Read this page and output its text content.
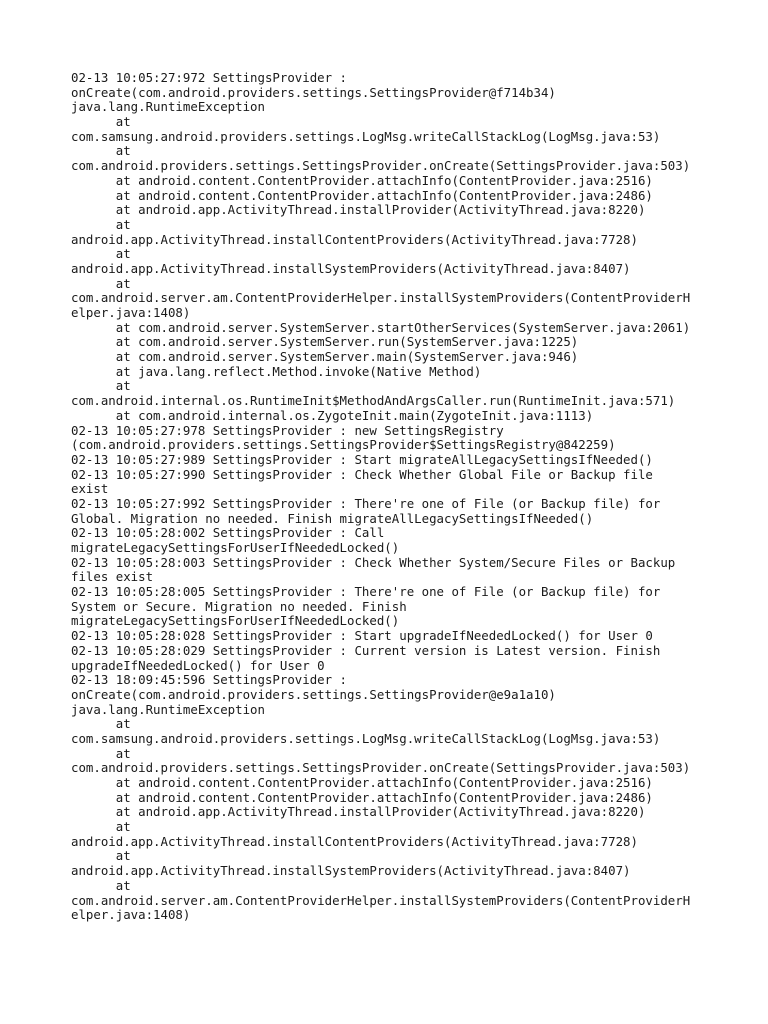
02-13 10:05:27:972 SettingsProvider :
onCreate(com.android.providers.settings.SettingsProvider@f714b34)
java.lang.RuntimeException
at
com.samsung.android.providers.settings.LogMsg.writeCallStackLog(LogMsg.java:53)
at
com.android.providers.settings.SettingsProvider.onCreate(SettingsProvider.java:503)
at android.content.ContentProvider.attachInfo(ContentProvider.java:2516)
at android.content.ContentProvider.attachInfo(ContentProvider.java:2486)
at android.app.ActivityThread.installProvider(ActivityThread.java:8220)
at
android.app.ActivityThread.installContentProviders(ActivityThread.java:7728)
at
android.app.ActivityThread.installSystemProviders(ActivityThread.java:8407)
at
com.android.server.am.ContentProviderHelper.installSystemProviders(ContentProviderH
elper.java:1408)
at com.android.server.SystemServer.startOtherServices(SystemServer.java:2061)
at com.android.server.SystemServer.run(SystemServer.java:1225)
at com.android.server.SystemServer.main(SystemServer.java:946)
at java.lang.reflect.Method.invoke(Native Method)
at
com.android.internal.os.RuntimeInit$MethodAndArgsCaller.run(RuntimeInit.java:571)
at com.android.internal.os.ZygoteInit.main(ZygoteInit.java:1113)
02-13 10:05:27:978 SettingsProvider : new SettingsRegistry
(com.android.providers.settings.SettingsProvider$SettingsRegistry@842259)
02-13 10:05:27:989 SettingsProvider : Start migrateAllLegacySettingsIfNeeded()
02-13 10:05:27:990 SettingsProvider : Check Whether Global File or Backup file
exist
02-13 10:05:27:992 SettingsProvider : There're one of File (or Backup file) for
Global. Migration no needed. Finish migrateAllLegacySettingsIfNeeded()
02-13 10:05:28:002 SettingsProvider : Call
migrateLegacySettingsForUserIfNeededLocked()
02-13 10:05:28:003 SettingsProvider : Check Whether System/Secure Files or Backup
files exist
02-13 10:05:28:005 SettingsProvider : There're one of File (or Backup file) for
System or Secure. Migration no needed. Finish
migrateLegacySettingsForUserIfNeededLocked()
02-13 10:05:28:028 SettingsProvider : Start upgradeIfNeededLocked() for User 0
02-13 10:05:28:029 SettingsProvider : Current version is Latest version. Finish
upgradeIfNeededLocked() for User 0
02-13 18:09:45:596 SettingsProvider :
onCreate(com.android.providers.settings.SettingsProvider@e9a1a10)
java.lang.RuntimeException
at
com.samsung.android.providers.settings.LogMsg.writeCallStackLog(LogMsg.java:53)
at
com.android.providers.settings.SettingsProvider.onCreate(SettingsProvider.java:503)
at android.content.ContentProvider.attachInfo(ContentProvider.java:2516)
at android.content.ContentProvider.attachInfo(ContentProvider.java:2486)
at android.app.ActivityThread.installProvider(ActivityThread.java:8220)
at
android.app.ActivityThread.installContentProviders(ActivityThread.java:7728)
at
android.app.ActivityThread.installSystemProviders(ActivityThread.java:8407)
at
com.android.server.am.ContentProviderHelper.installSystemProviders(ContentProviderH
elper.java:1408)
